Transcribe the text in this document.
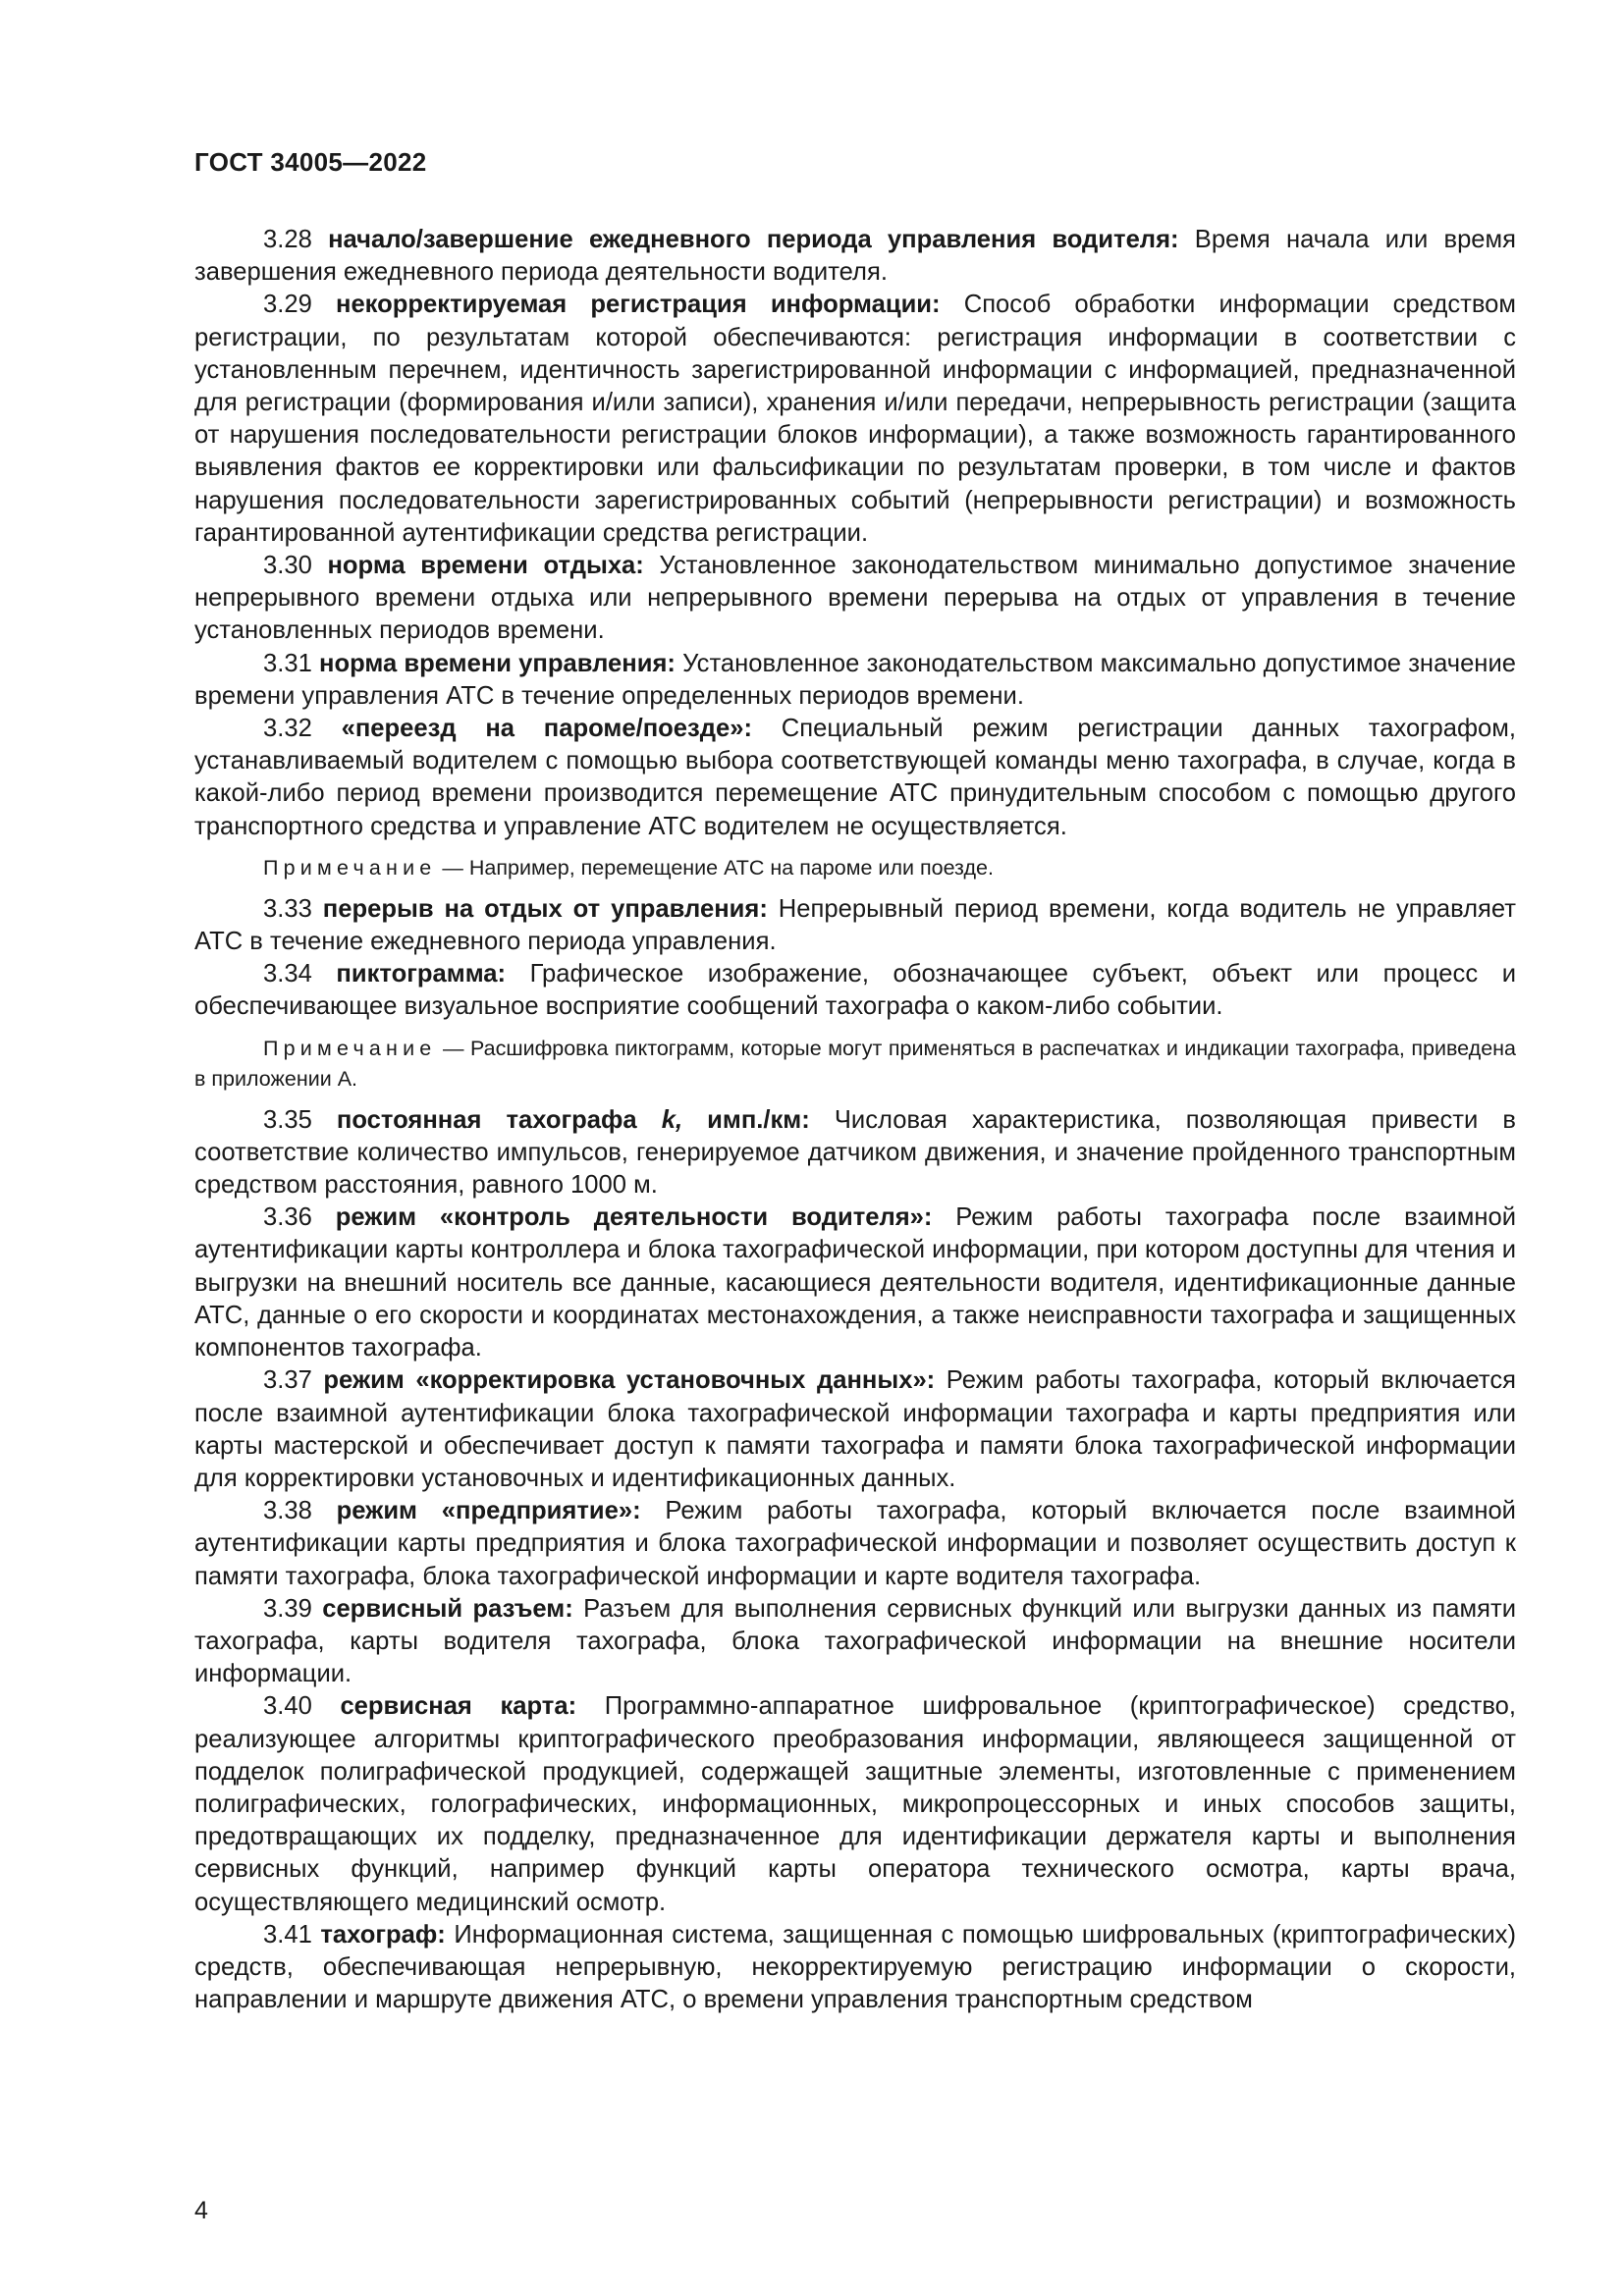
ГОСТ 34005—2022

3.28 начало/завершение ежедневного периода управления водителя: Время начала или время завершения ежедневного периода деятельности водителя.

3.29 некорректируемая регистрация информации: Способ обработки информации средством регистрации, по результатам которой обеспечиваются: регистрация информации в соответствии с установленным перечнем, идентичность зарегистрированной информации с информацией, предназначенной для регистрации (формирования и/или записи), хранения и/или передачи, непрерывность регистрации (защита от нарушения последовательности регистрации блоков информации), а также возможность гарантированного выявления фактов ее корректировки или фальсификации по результатам проверки, в том числе и фактов нарушения последовательности зарегистрированных событий (непрерывности регистрации) и возможность гарантированной аутентификации средства регистрации.

3.30 норма времени отдыха: Установленное законодательством минимально допустимое значение непрерывного времени отдыха или непрерывного времени перерыва на отдых от управления в течение установленных периодов времени.

3.31 норма времени управления: Установленное законодательством максимально допустимое значение времени управления АТС в течение определенных периодов времени.

3.32 «переезд на пароме/поезде»: Специальный режим регистрации данных тахографом, устанавливаемый водителем с помощью выбора соответствующей команды меню тахографа, в случае, когда в какой-либо период времени производится перемещение АТС принудительным способом с помощью другого транспортного средства и управление АТС водителем не осуществляется.

Примечание — Например, перемещение АТС на пароме или поезде.

3.33 перерыв на отдых от управления: Непрерывный период времени, когда водитель не управляет АТС в течение ежедневного периода управления.

3.34 пиктограмма: Графическое изображение, обозначающее субъект, объект или процесс и обеспечивающее визуальное восприятие сообщений тахографа о каком-либо событии.

Примечание — Расшифровка пиктограмм, которые могут применяться в распечатках и индикации тахографа, приведена в приложении А.

3.35 постоянная тахографа k, имп./км: Числовая характеристика, позволяющая привести в соответствие количество импульсов, генерируемое датчиком движения, и значение пройденного транспортным средством расстояния, равного 1000 м.

3.36 режим «контроль деятельности водителя»: Режим работы тахографа после взаимной аутентификации карты контроллера и блока тахографической информации, при котором доступны для чтения и выгрузки на внешний носитель все данные, касающиеся деятельности водителя, идентификационные данные АТС, данные о его скорости и координатах местонахождения, а также неисправности тахографа и защищенных компонентов тахографа.

3.37 режим «корректировка установочных данных»: Режим работы тахографа, который включается после взаимной аутентификации блока тахографической информации тахографа и карты предприятия или карты мастерской и обеспечивает доступ к памяти тахографа и памяти блока тахографической информации для корректировки установочных и идентификационных данных.

3.38 режим «предприятие»: Режим работы тахографа, который включается после взаимной аутентификации карты предприятия и блока тахографической информации и позволяет осуществить доступ к памяти тахографа, блока тахографической информации и карте водителя тахографа.

3.39 сервисный разъем: Разъем для выполнения сервисных функций или выгрузки данных из памяти тахографа, карты водителя тахографа, блока тахографической информации на внешние носители информации.

3.40 сервисная карта: Программно-аппаратное шифровальное (криптографическое) средство, реализующее алгоритмы криптографического преобразования информации, являющееся защищенной от подделок полиграфической продукцией, содержащей защитные элементы, изготовленные с применением полиграфических, голографических, информационных, микропроцессорных и иных способов защиты, предотвращающих их подделку, предназначенное для идентификации держателя карты и выполнения сервисных функций, например функций карты оператора технического осмотра, карты врача, осуществляющего медицинский осмотр.

3.41 тахограф: Информационная система, защищенная с помощью шифровальных (криптографических) средств, обеспечивающая непрерывную, некорректируемую регистрацию информации о скорости, направлении и маршруте движения АТС, о времени управления транспортным средством

4
